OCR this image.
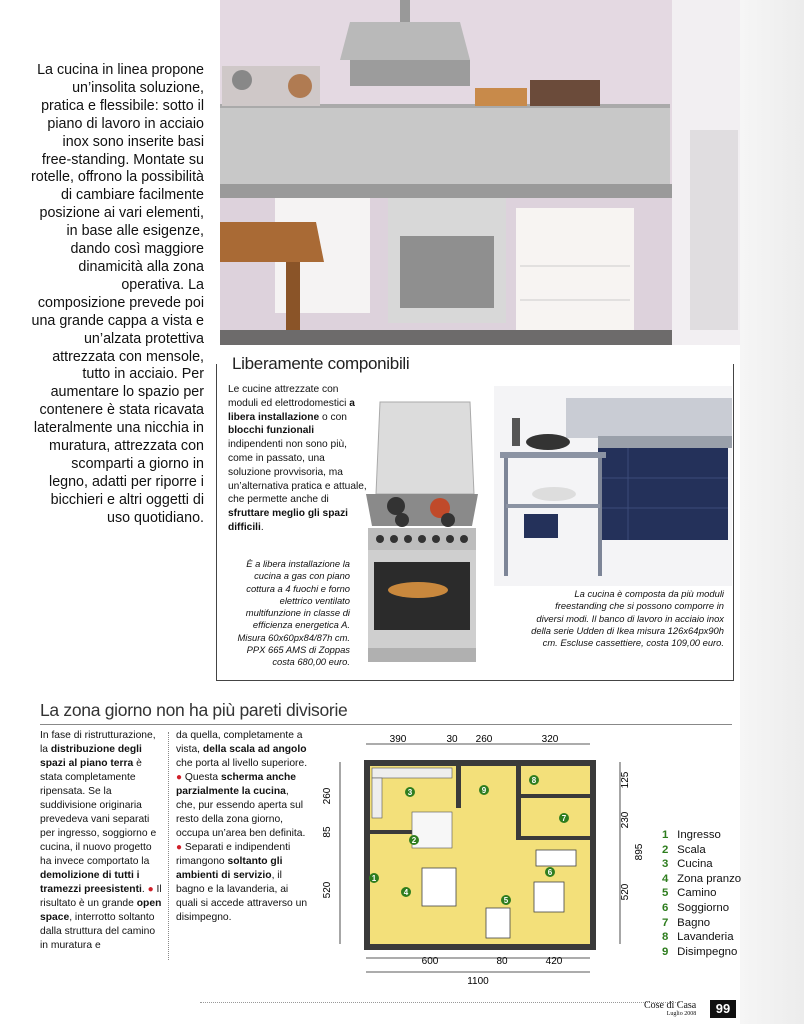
La cucina in linea propone un’insolita soluzione, pratica e flessibile: sotto il piano di lavoro in acciaio inox sono inserite basi free-standing. Montate su rotelle, offrono la possibilità di cambiare facilmente posizione ai vari elementi, in base alle esigenze, dando così maggiore dinamicità alla zona operativa. La composizione prevede poi una grande cappa a vista e un’alzata protettiva attrezzata con mensole, tutto in acciaio. Per aumentare lo spazio per contenere è stata ricavata lateralmente una nicchia in muratura, attrezzata con scomparti a giorno in legno, adatti per riporre i bicchieri e altri oggetti di uso quotidiano.

Liberamente componibili
Le cucine attrezzate con moduli ed elettrodomestici a libera installazione o con blocchi funzionali indipendenti non sono più, come in passato, una soluzione provvisoria, ma un’alternativa pratica e attuale, che permette anche di sfruttare meglio gli spazi difficili.
È a libera installazione la cucina a gas con piano cottura a 4 fuochi e forno elettrico ventilato multifunzione in classe di efficienza energetica A. Misura 60x60px84/87h cm. PPX 665 AMS di Zoppas costa 680,00 euro.
La cucina è composta da più moduli freestanding che si possono comporre in diversi modi. Il banco di lavoro in acciaio inox della serie Udden di Ikea misura 126x64px90h cm. Escluse cassettiere, costa 109,00 euro.
La zona giorno non ha più pareti divisorie
In fase di ristrutturazione, la distribuzione degli spazi al piano terra è stata completamente ripensata. Se la suddivisione originaria prevedeva vani separati per ingresso, soggiorno e cucina, il nuovo progetto ha invece comportato la demolizione di tutti i tramezzi preesistenti. ● Il risultato è un grande open space, interrotto soltanto dalla struttura del camino in muratura e
da quella, completamente a vista, della scala ad angolo che porta al livello superiore.
● Questa scherma anche parzialmente la cucina, che, pur essendo aperta sul resto della zona giorno, occupa un’area ben definita.
● Separati e indipendenti rimangono soltanto gli ambienti di servizio, il bagno e la lavanderia, ai quali si accede attraverso un disimpegno.
390	30 260	320
260
85
520
125
230
520
895
600	80	420
1100
1
2
3
4
5
6
7
8
9
1 Ingresso
2 Scala
3 Cucina
4 Zona pranzo
5 Camino
6 Soggiorno
7 Bagno
8 Lavanderia
9 Disimpegno
Cose di Casa
Luglio 2008	99
